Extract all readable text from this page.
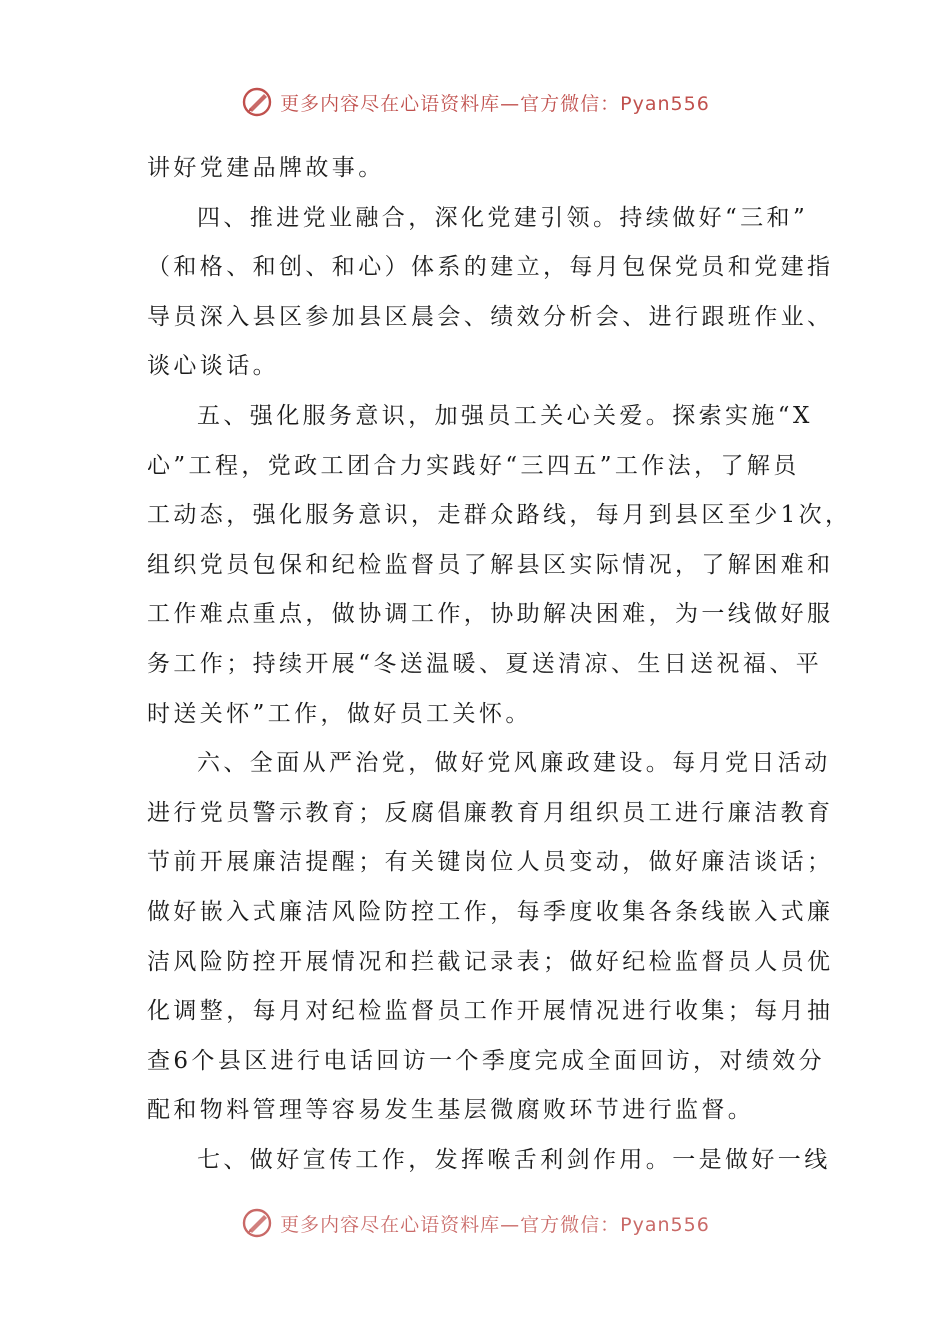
更多内容尽在心语资料库—官方微信：Pyan556
讲好党建品牌故事。
四、推进党业融合，深化党建引领。持续做好“三和”
（和格、和创、和心）体系的建立，每月包保党员和党建指
导员深入县区参加县区晨会、绩效分析会、进行跟班作业、
谈心谈话。
五、强化服务意识，加强员工关心关爱。探索实施“X
心”工程，党政工团合力实践好“三四五”工作法，了解员
工动态，强化服务意识，走群众路线，每月到县区至少1次，
组织党员包保和纪检监督员了解县区实际情况，了解困难和
工作难点重点，做协调工作，协助解决困难，为一线做好服
务工作；持续开展“冬送温暖、夏送清凉、生日送祝福、平
时送关怀”工作，做好员工关怀。
六、全面从严治党，做好党风廉政建设。每月党日活动
进行党员警示教育；反腐倡廉教育月组织员工进行廉洁教育
节前开展廉洁提醒；有关键岗位人员变动，做好廉洁谈话；
做好嵌入式廉洁风险防控工作，每季度收集各条线嵌入式廉
洁风险防控开展情况和拦截记录表；做好纪检监督员人员优
化调整，每月对纪检监督员工作开展情况进行收集；每月抽
查6个县区进行电话回访一个季度完成全面回访，对绩效分
配和物料管理等容易发生基层微腐败环节进行监督。
七、做好宣传工作，发挥喉舌利剑作用。一是做好一线
更多内容尽在心语资料库—官方微信：Pyan556
